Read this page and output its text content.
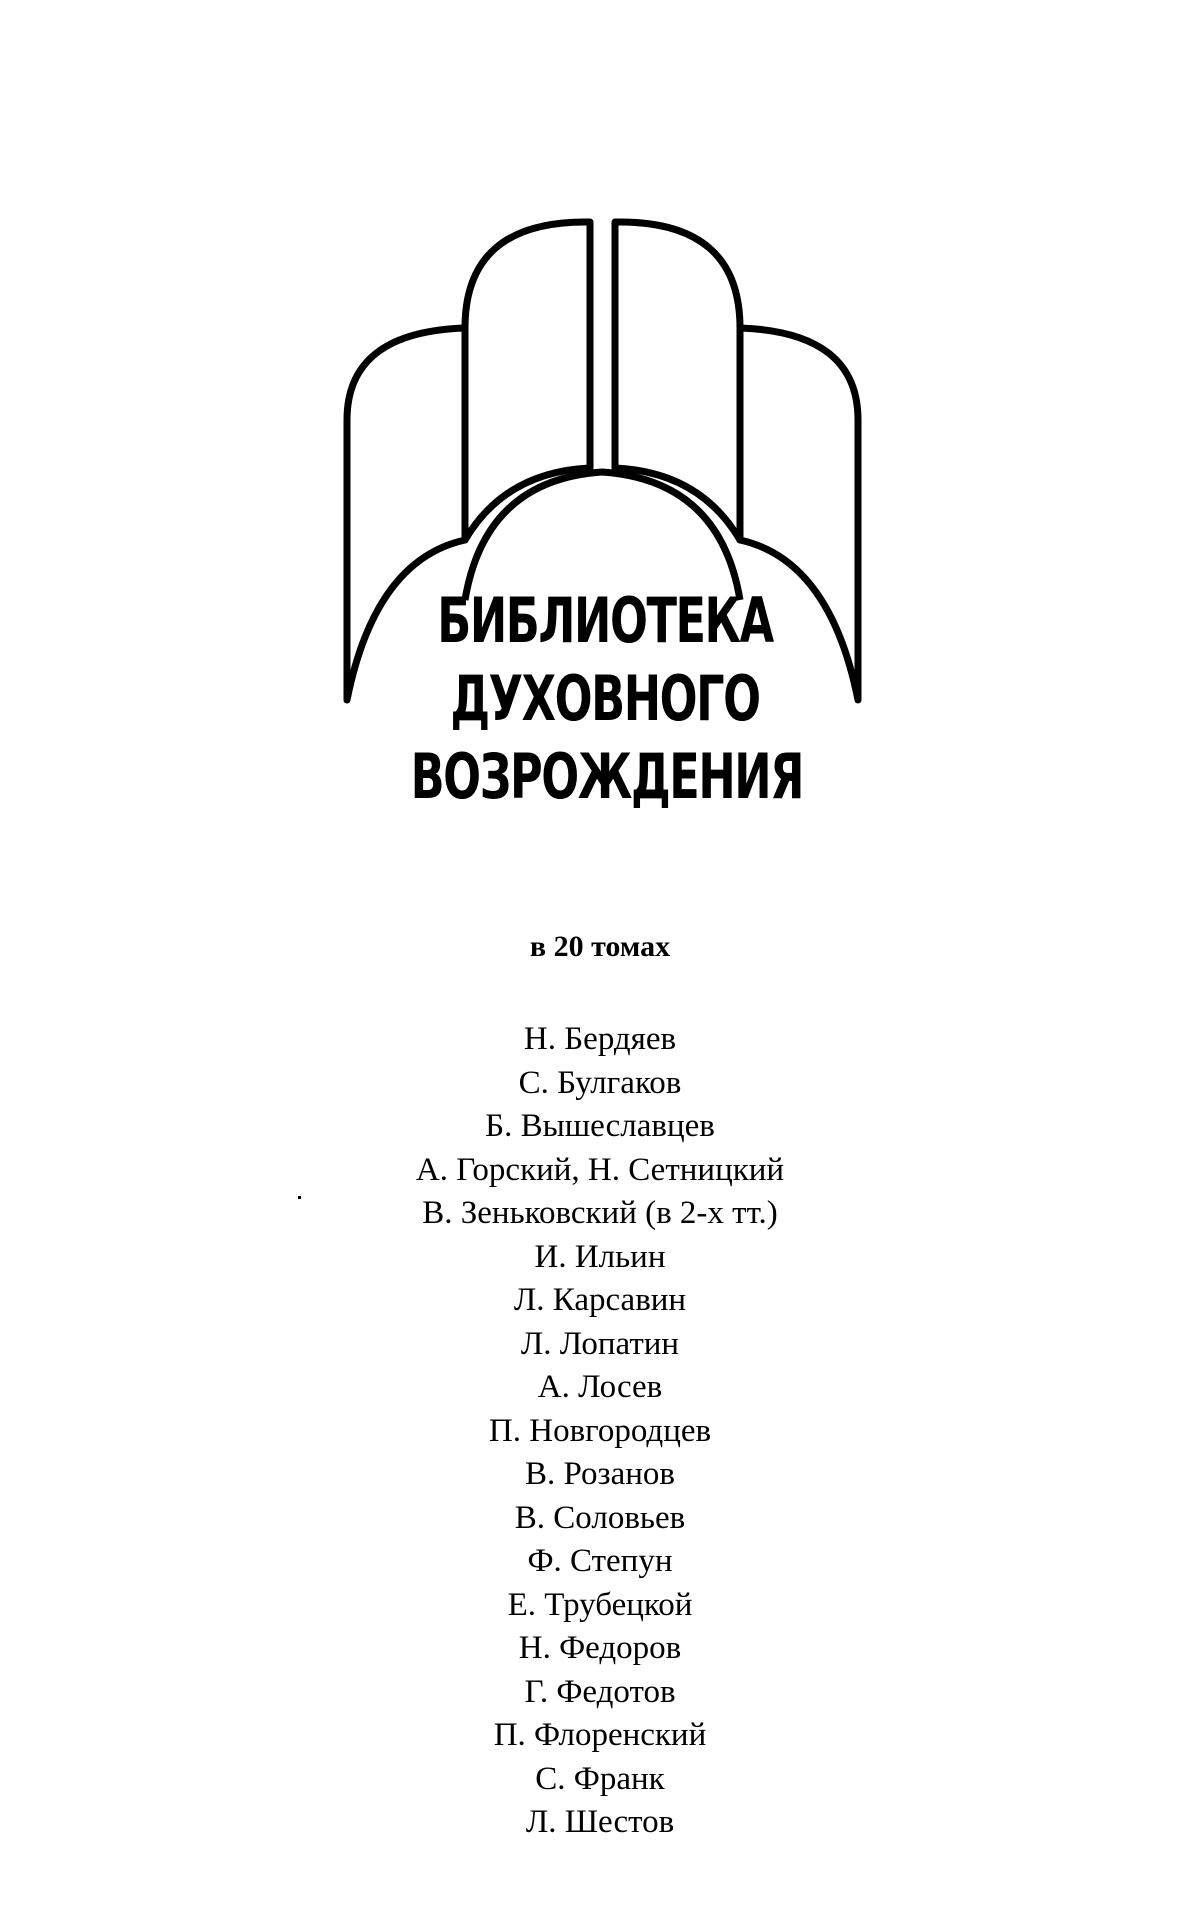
БИБЛИОТЕКА
ДУХОВНОГО
ВОЗРОЖДЕНИЯ
в 20 томах
Н. Бердяев
С. Булгаков
Б. Вышеславцев
А. Горский, Н. Сетницкий
В. Зеньковский (в 2-х тт.)
И. Ильин
Л. Карсавин
Л. Лопатин
А. Лосев
П. Новгородцев
В. Розанов
В. Соловьев
Ф. Степун
Е. Трубецкой
Н. Федоров
Г. Федотов
П. Флоренский
С. Франк
Л. Шестов
